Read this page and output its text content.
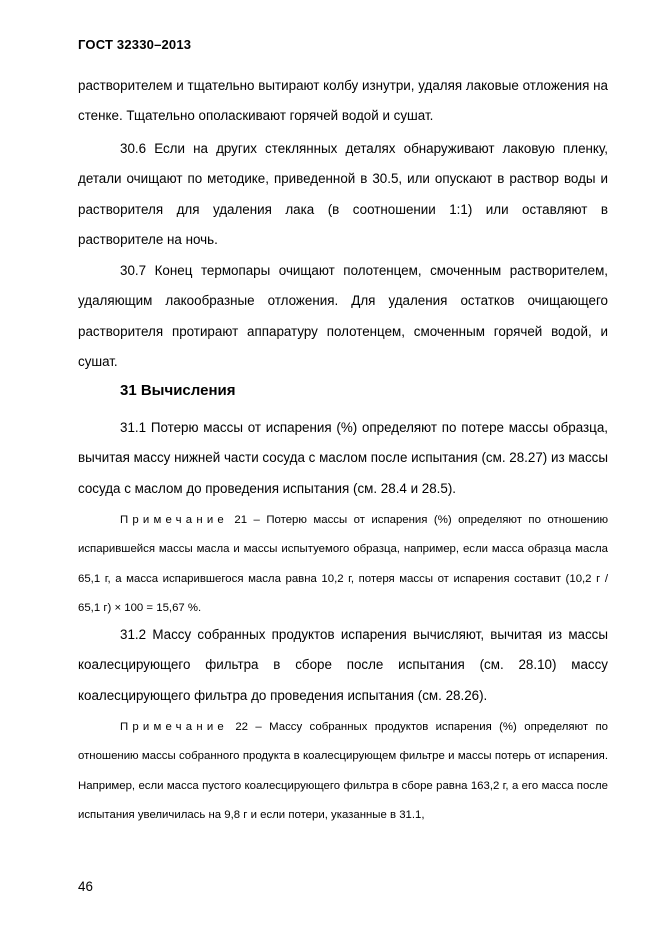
ГОСТ 32330–2013

растворителем и тщательно вытирают колбу изнутри, удаляя лаковые отложения на стенке. Тщательно ополаскивают горячей водой и сушат.

30.6 Если на других стеклянных деталях обнаруживают лаковую пленку, детали очищают по методике, приведенной в 30.5, или опускают в раствор воды и растворителя для удаления лака (в соотношении 1:1) или оставляют в растворителе на ночь.

30.7 Конец термопары очищают полотенцем, смоченным растворителем, удаляющим лакообразные отложения. Для удаления остатков очищающего растворителя протирают аппаратуру полотенцем, смоченным горячей водой, и сушат.

31 Вычисления

31.1 Потерю массы от испарения (%) определяют по потере массы образца, вычитая массу нижней части сосуда с маслом после испытания (см. 28.27) из массы сосуда с маслом до проведения испытания (см. 28.4 и 28.5).

Примечание 21 – Потерю массы от испарения (%) определяют по отношению испарившейся массы масла и массы испытуемого образца, например, если масса образца масла 65,1 г, а масса испарившегося масла равна 10,2 г, потеря массы от испарения составит (10,2 г / 65,1 г) × 100 = 15,67 %.

31.2 Массу собранных продуктов испарения вычисляют, вычитая из массы коалесцирующего фильтра в сборе после испытания (см. 28.10) массу коалесцирующего фильтра до проведения испытания (см. 28.26).

Примечание 22 – Массу собранных продуктов испарения (%) определяют по отношению массы собранного продукта в коалесцирующем фильтре и массы потерь от испарения. Например, если масса пустого коалесцирующего фильтра в сборе равна 163,2 г, а его масса после испытания увеличилась на 9,8 г и если потери, указанные в 31.1,

46
